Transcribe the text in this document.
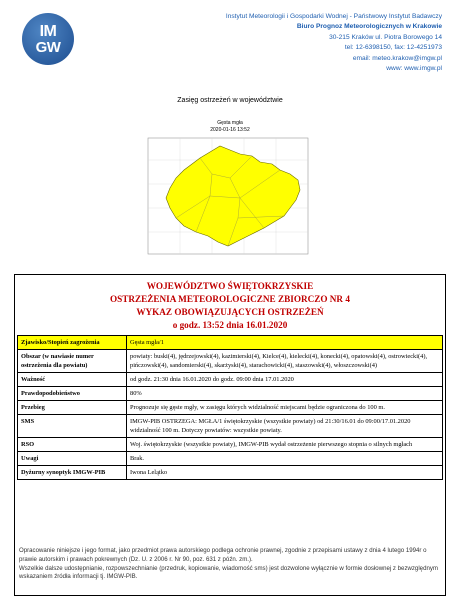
IM
GW
Instytut Meteorologii i Gospodarki Wodnej - Państwowy Instytut Badawczy
Biuro Prognoz Meteorologicznych w Krakowie
30-215 Kraków ul. Piotra Borowego 14
tel: 12-6398150, fax: 12-4251973
email: meteo.krakow@imgw.pl
www: www.imgw.pl
Zasięg ostrzeżeń w województwie
Gęsta mgła
2020-01-16 13:52
WOJEWÓDZTWO ŚWIĘTOKRZYSKIE
OSTRZEŻENIA METEOROLOGICZNE ZBIORCZO NR 4
WYKAZ OBOWIĄZUJĄCYCH OSTRZEŻEŃ
o godz. 13:52 dnia 16.01.2020
Zjawisko/Stopień zagrożenia	Gęsta mgła/1
Obszar (w nawiasie numer ostrzeżenia dla powiatu)	powiaty: buski(4), jędrzejowski(4), kazimierski(4), Kielce(4), kielecki(4), konecki(4), opatowski(4), ostrowiecki(4), pińczowski(4), sandomierski(4), skarżyski(4), starachowicki(4), staszowski(4), włoszczowski(4)
Ważność	od godz. 21:30 dnia 16.01.2020 do godz. 09:00 dnia 17.01.2020
Prawdopodobieństwo	80%
Przebieg	Prognozuje się gęste mgły, w zasięgu których widzialność miejscami będzie ograniczona do 100 m.
SMS	IMGW-PIB OSTRZEGA: MGŁA/1 świętokrzyskie (wszystkie powiaty) od 21:30/16.01 do 09:00/17.01.2020 widzialność 100 m. Dotyczy powiatów: wszystkie powiaty.
RSO	Woj. świętokrzyskie (wszystkie powiaty), IMGW-PIB wydał ostrzeżenie pierwszego stopnia o silnych mgłach
Uwagi	Brak.
Dyżurny synoptyk IMGW-PIB	Iwona Lelątko
Opracowanie niniejsze i jego format, jako przedmiot prawa autorskiego podlega ochronie prawnej, zgodnie z przepisami ustawy z dnia 4 lutego 1994r o prawie autorskim i prawach pokrewnych (Dz. U. z 2006 r. Nr 90, poz. 631 z późn. zm.).
Wszelkie dalsze udostępnianie, rozpowszechnianie (przedruk, kopiowanie, wiadomość sms) jest dozwolone wyłącznie w formie dosłownej z bezwzględnym wskazaniem źródła informacji tj. IMGW-PIB.
